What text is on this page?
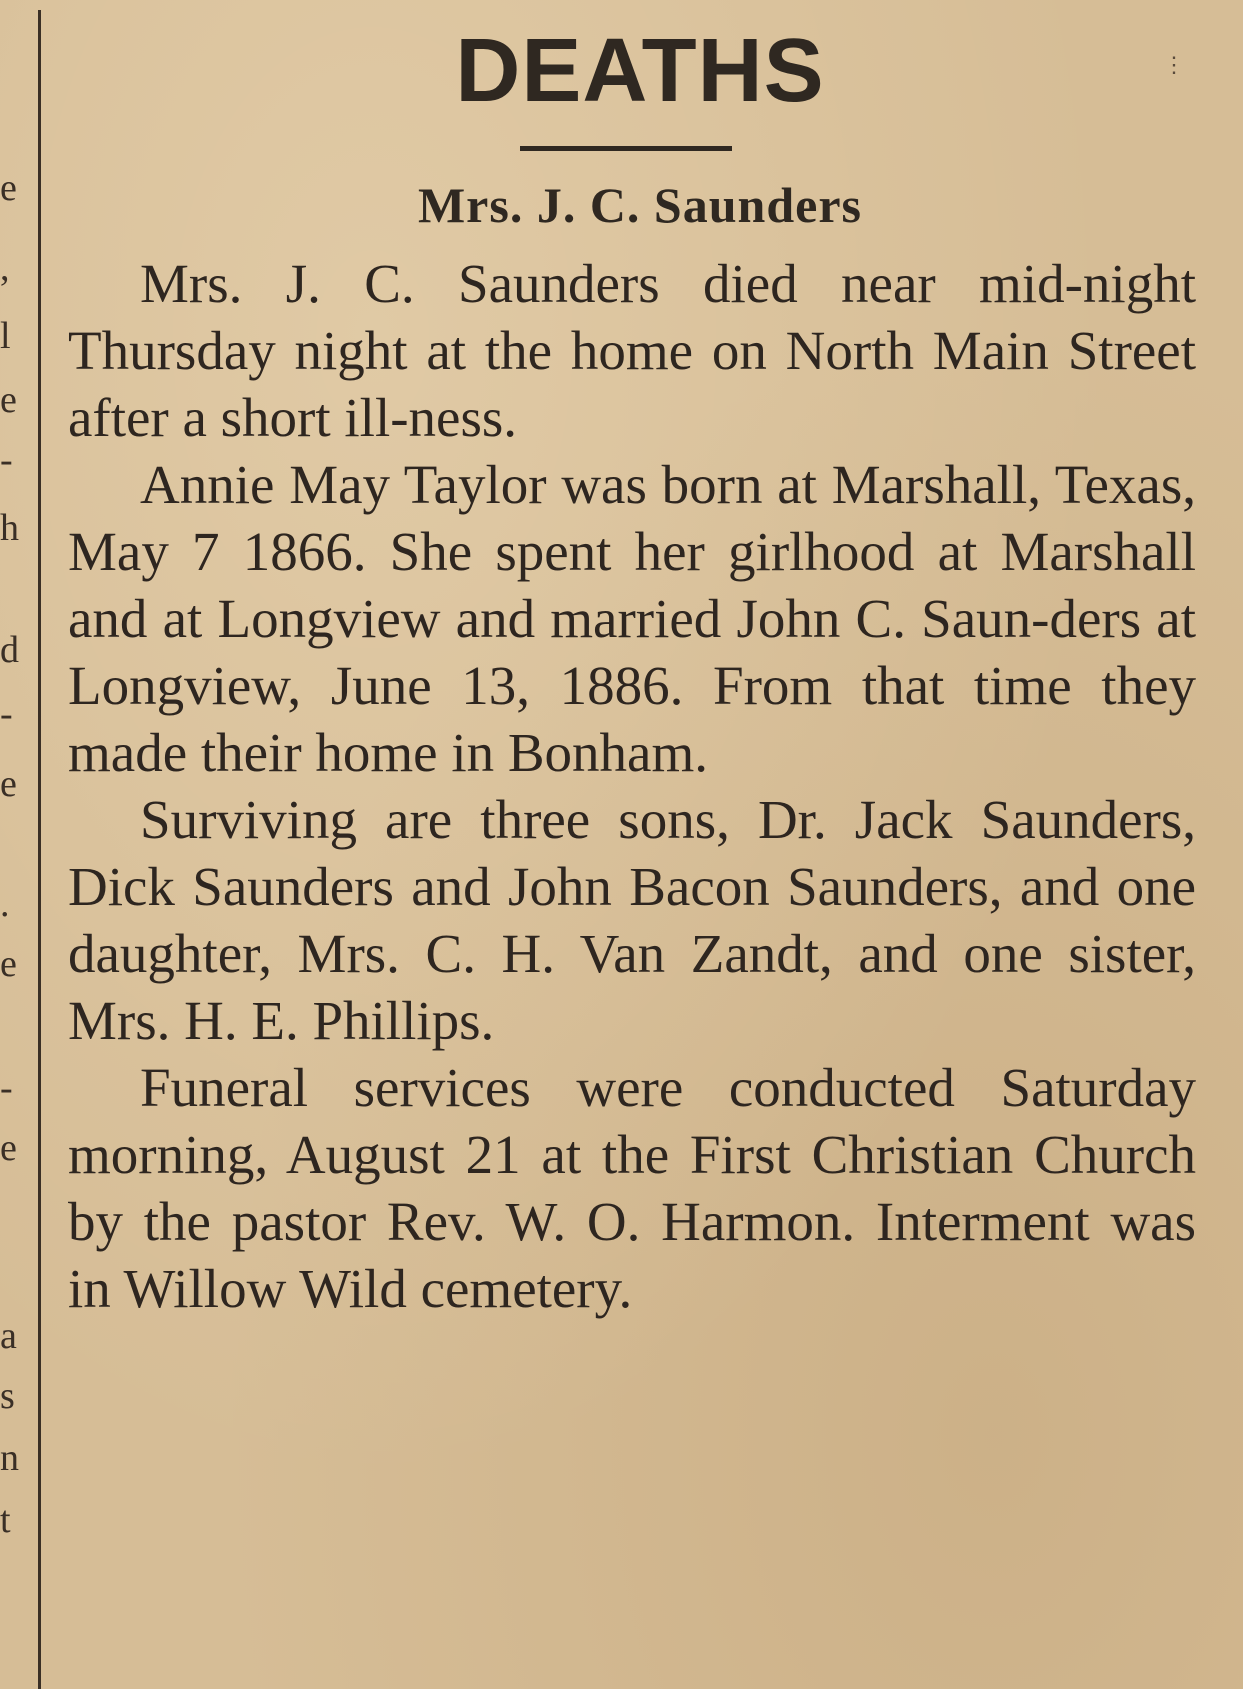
e
,
l
e
-
h
d
-
e
.
e
-
e
a
s
n
t
⋮
DEATHS
Mrs. J. C. Saunders

Mrs. J. C. Saunders died near mid-night Thursday night at the home on North Main Street after a short ill-ness.

Annie May Taylor was born at Marshall, Texas, May 7 1866. She spent her girlhood at Marshall and at Longview and married John C. Saun-ders at Longview, June 13, 1886. From that time they made their home in Bonham.

Surviving are three sons, Dr. Jack Saunders, Dick Saunders and John Bacon Saunders, and one daughter, Mrs. C. H. Van Zandt, and one sister, Mrs. H. E. Phillips.

Funeral services were conducted Saturday morning, August 21 at the First Christian Church by the pastor Rev. W. O. Harmon. Interment was in Willow Wild cemetery.
